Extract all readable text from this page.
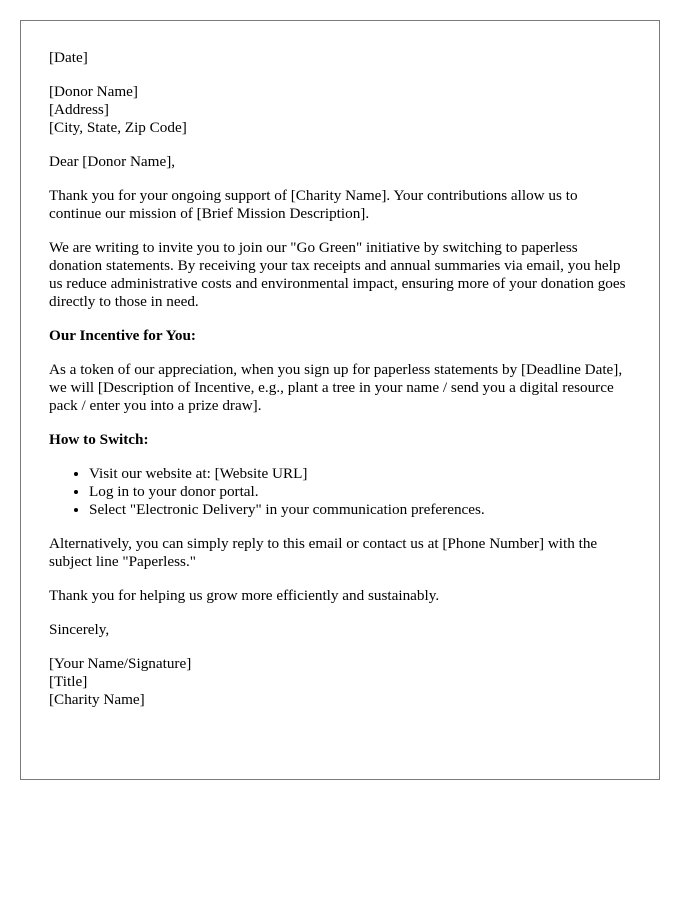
[Date]

[Donor Name]
[Address]
[City, State, Zip Code]

Dear [Donor Name],

Thank you for your ongoing support of [Charity Name]. Your contributions allow us to continue our mission of [Brief Mission Description].

We are writing to invite you to join our "Go Green" initiative by switching to paperless donation statements. By receiving your tax receipts and annual summaries via email, you help us reduce administrative costs and environmental impact, ensuring more of your donation goes directly to those in need.

Our Incentive for You:

As a token of our appreciation, when you sign up for paperless statements by [Deadline Date], we will [Description of Incentive, e.g., plant a tree in your name / send you a digital resource pack / enter you into a prize draw].

How to Switch:
• Visit our website at: [Website URL]
• Log in to your donor portal.
• Select "Electronic Delivery" in your communication preferences.

Alternatively, you can simply reply to this email or contact us at [Phone Number] with the subject line "Paperless."

Thank you for helping us grow more efficiently and sustainably.

Sincerely,

[Your Name/Signature]
[Title]
[Charity Name]
